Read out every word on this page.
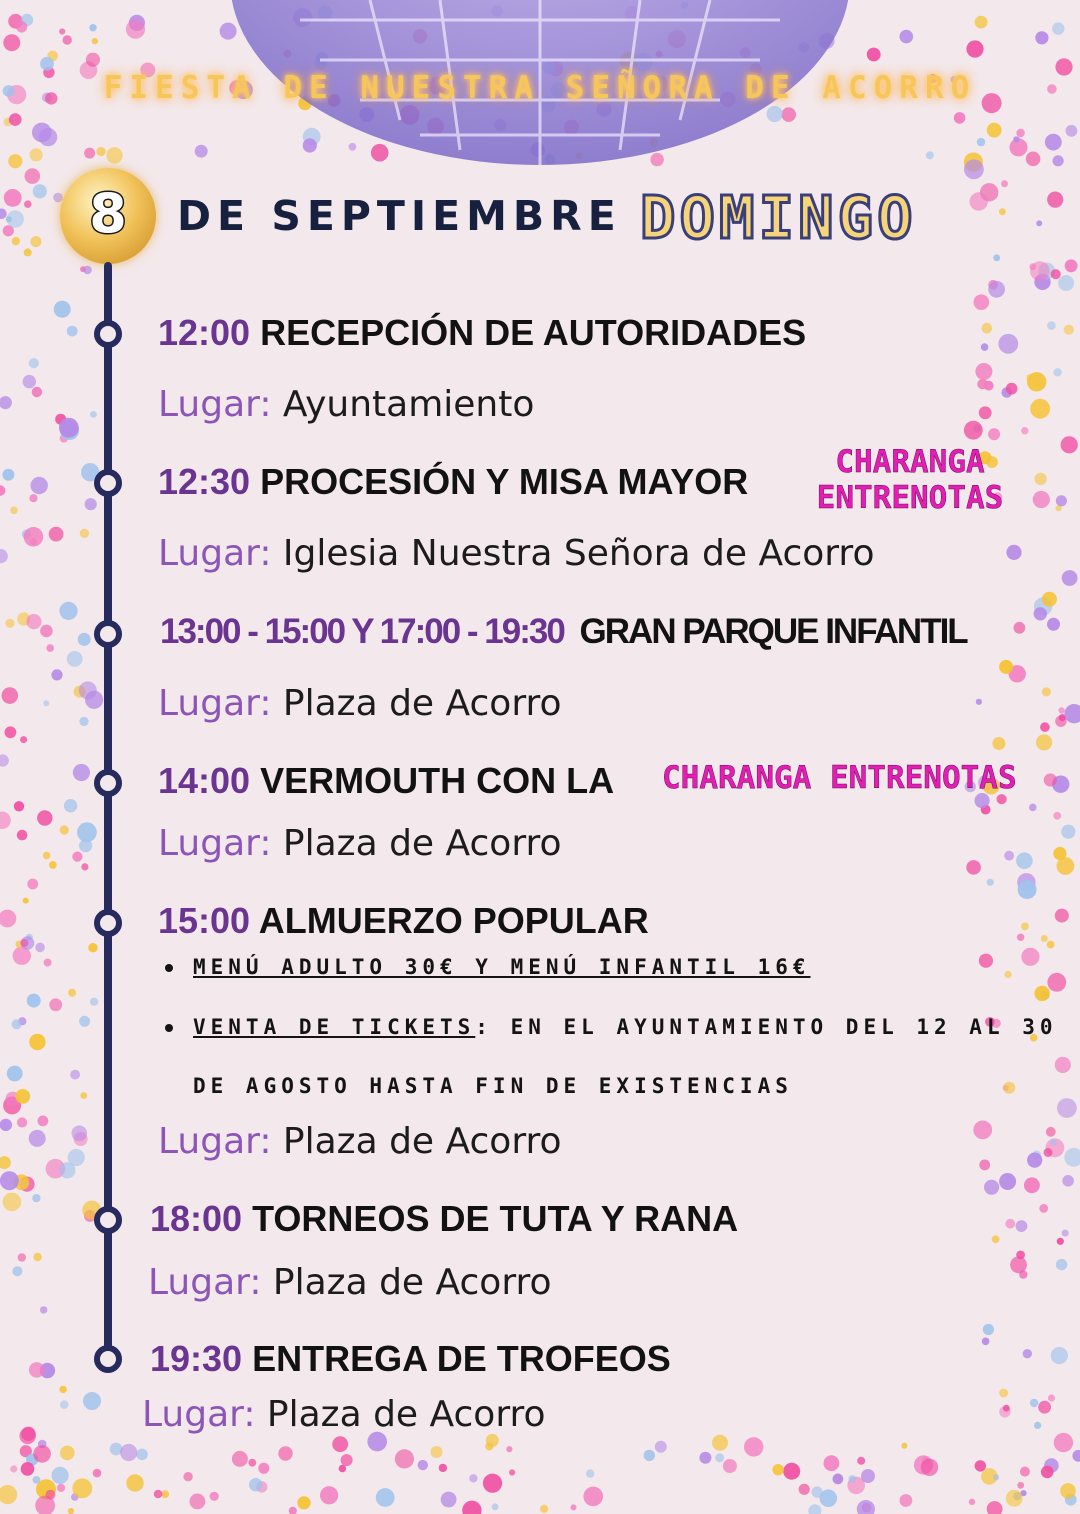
FIESTA DE NUESTRA SEÑORA DE ACORRO
8	DE SEPTIEMBRE DOMINGO
12:00 RECEPCIÓN DE AUTORIDADES
Lugar: Ayuntamiento
12:30 PROCESIÓN Y MISA MAYOR	CHARANGA
ENTRENOTAS
Lugar: Iglesia Nuestra Señora de Acorro
13:00 - 15:00 Y 17:00 - 19:30 GRAN PARQUE INFANTIL
Lugar: Plaza de Acorro
14:00 VERMOUTH CON LA CHARANGA ENTRENOTAS
Lugar: Plaza de Acorro
15:00 ALMUERZO POPULAR
MENÚ ADULTO 30€ Y MENÚ INFANTIL 16€
VENTA DE TICKETS: EN EL AYUNTAMIENTO DEL 12 AL 30
DE AGOSTO HASTA FIN DE EXISTENCIAS
Lugar: Plaza de Acorro
18:00 TORNEOS DE TUTA Y RANA
Lugar: Plaza de Acorro
19:30 ENTREGA DE TROFEOS
Lugar: Plaza de Acorro
